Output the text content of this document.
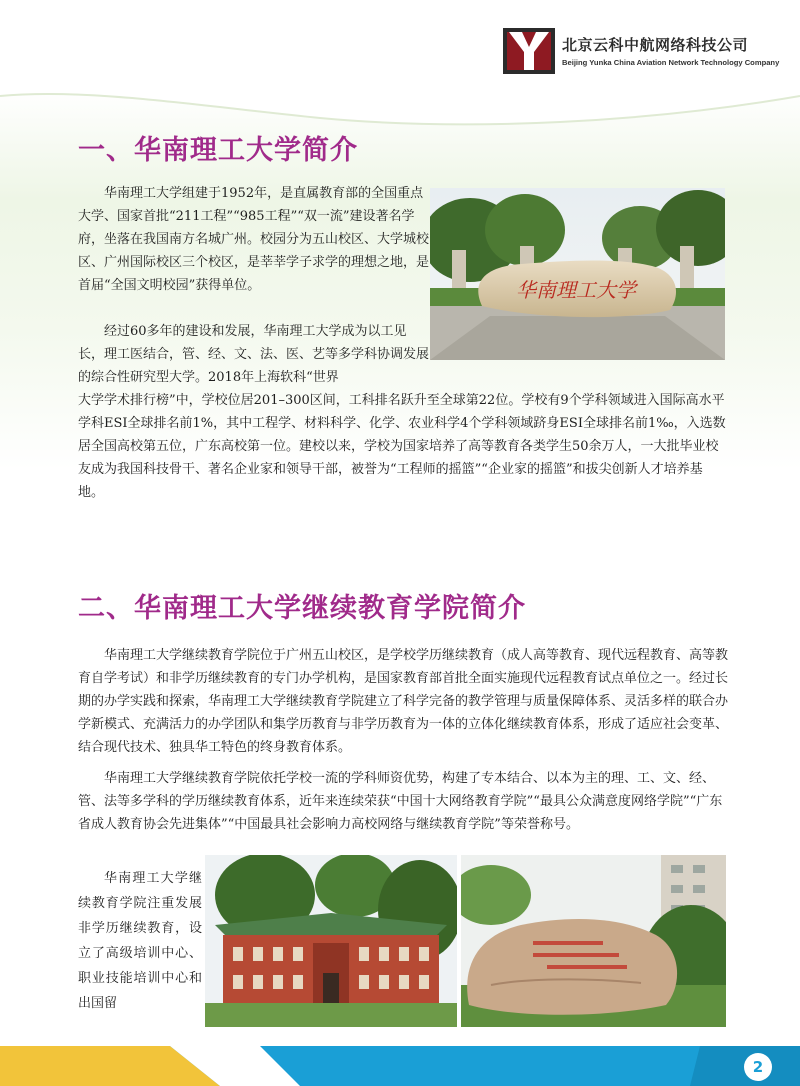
北京云科中航网络科技公司
Beijing Yunka China Aviation Network Technology Company
一、华南理工大学简介

华南理工大学组建于1952年，是直属教育部的全国重点大学、国家首批“211工程”“985工程”“双一流”建设著名学府，坐落在我国南方名城广州。校园分为五山校区、大学城校区、广州国际校区三个校区，是莘莘学子求学的理想之地，是首届“全国文明校园”获得单位。

经过60多年的建设和发展，华南理工大学成为以工见长，理工医结合，管、经、文、法、医、艺等多学科协调发展的综合性研究型大学。2018年上海软科“世界

大学学术排行榜”中，学校位居201–300区间，工科排名跃升至全球第22位。学校有9个学科领域进入国际高水平学科ESI全球排名前1%，其中工程学、材料科学、化学、农业科学4个学科领域跻身ESI全球排名前1‰，入选数居全国高校第五位，广东高校第一位。建校以来，学校为国家培养了高等教育各类学生50余万人，一大批毕业校友成为我国科技骨干、著名企业家和领导干部，被誉为“工程师的摇篮”“企业家的摇篮”和拔尖创新人才培养基地。

华南理工大学
二、华南理工大学继续教育学院简介

华南理工大学继续教育学院位于广州五山校区，是学校学历继续教育（成人高等教育、现代远程教育、高等教育自学考试）和非学历继续教育的专门办学机构，是国家教育部首批全面实施现代远程教育试点单位之一。经过长期的办学实践和探索，华南理工大学继续教育学院建立了科学完备的教学管理与质量保障体系、灵活多样的联合办学新模式、充满活力的办学团队和集学历教育与非学历教育为一体的立体化继续教育体系，形成了适应社会变革、结合现代技术、独具华工特色的终身教育体系。

华南理工大学继续教育学院依托学校一流的学科师资优势，构建了专本结合、以本为主的理、工、文、经、管、法等多学科的学历继续教育体系，近年来连续荣获“中国十大网络教育学院”“最具公众满意度网络学院”“广东省成人教育协会先进集体”“中国最具社会影响力高校网络与继续教育学院”等荣誉称号。

华南理工大学继续教育学院注重发展非学历继续教育，设立了高级培训中心、职业技能培训中心和出国留

2
